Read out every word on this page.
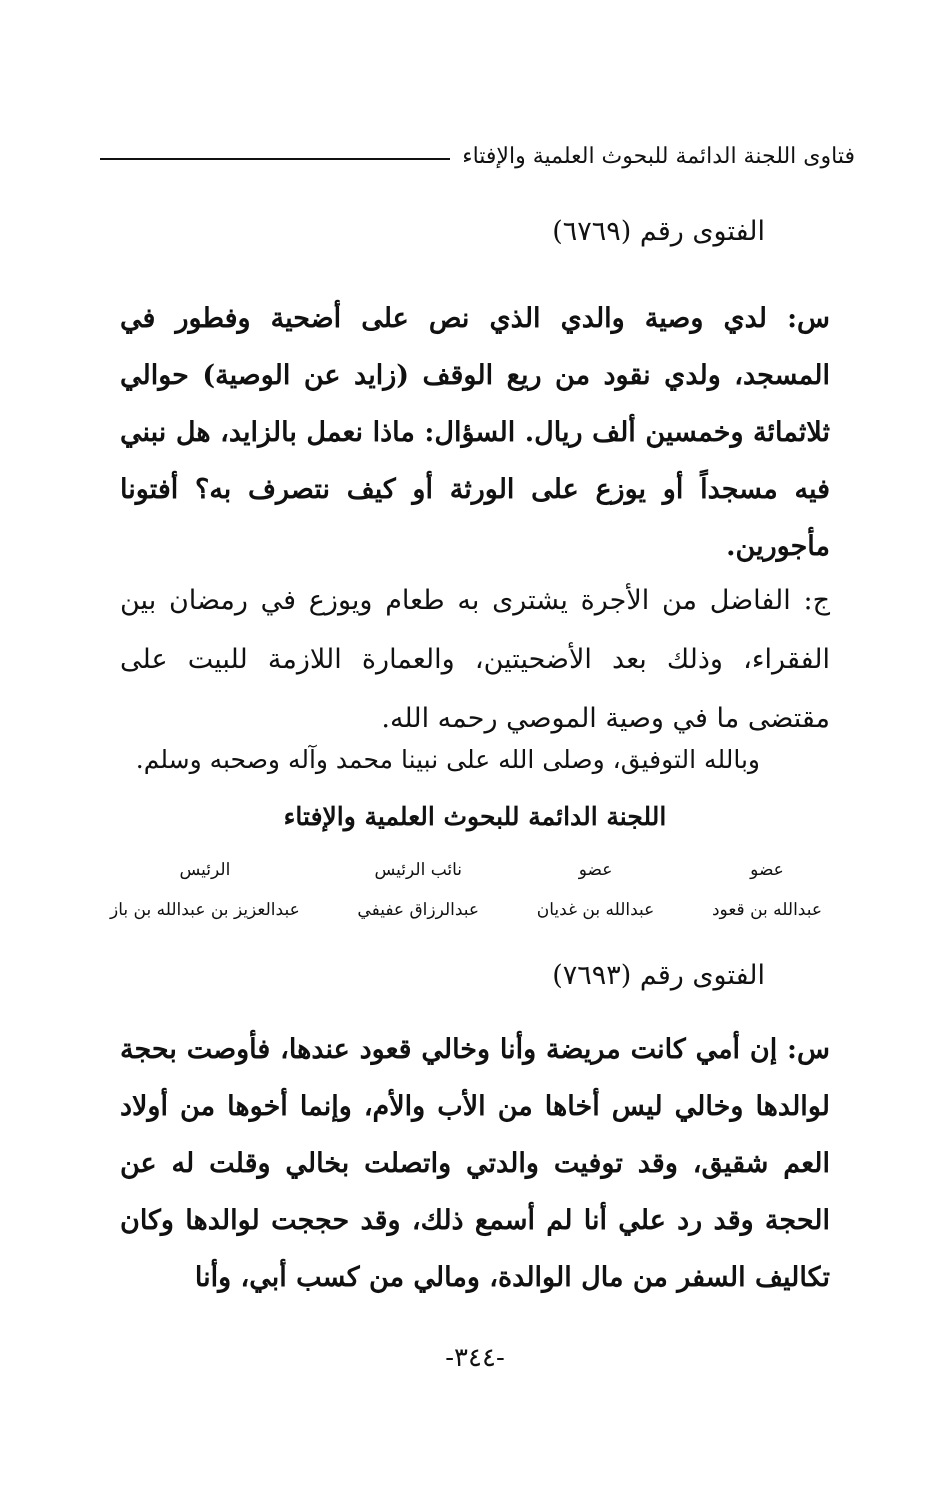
فتاوى اللجنة الدائمة للبحوث العلمية والإفتاء
الفتوى رقم (٦٧٦٩)
س: لدي وصية والدي الذي نص على أضحية وفطور في المسجد، ولدي نقود من ريع الوقف (زايد عن الوصية) حوالي ثلاثمائة وخمسين ألف ريال. السؤال: ماذا نعمل بالزايد، هل نبني فيه مسجداً أو يوزع على الورثة أو كيف نتصرف به؟ أفتونا مأجورين.
ج: الفاضل من الأجرة يشترى به طعام ويوزع في رمضان بين الفقراء، وذلك بعد الأضحيتين، والعمارة اللازمة للبيت على مقتضى ما في وصية الموصي رحمه الله.
وبالله التوفيق، وصلى الله على نبينا محمد وآله وصحبه وسلم.
اللجنة الدائمة للبحوث العلمية والإفتاء
عضو
عبدالله بن قعود
عضو
عبدالله بن غديان
نائب الرئيس
عبدالرزاق عفيفي
الرئيس
عبدالعزيز بن عبدالله بن باز
الفتوى رقم (٧٦٩٣)
س: إن أمي كانت مريضة وأنا وخالي قعود عندها، فأوصت بحجة لوالدها وخالي ليس أخاها من الأب والأم، وإنما أخوها من أولاد العم شقيق، وقد توفيت والدتي واتصلت بخالي وقلت له عن الحجة وقد رد علي أنا لم أسمع ذلك، وقد حججت لوالدها وكان تكاليف السفر من مال الوالدة، ومالي من كسب أبي، وأنا
-٣٤٤-
